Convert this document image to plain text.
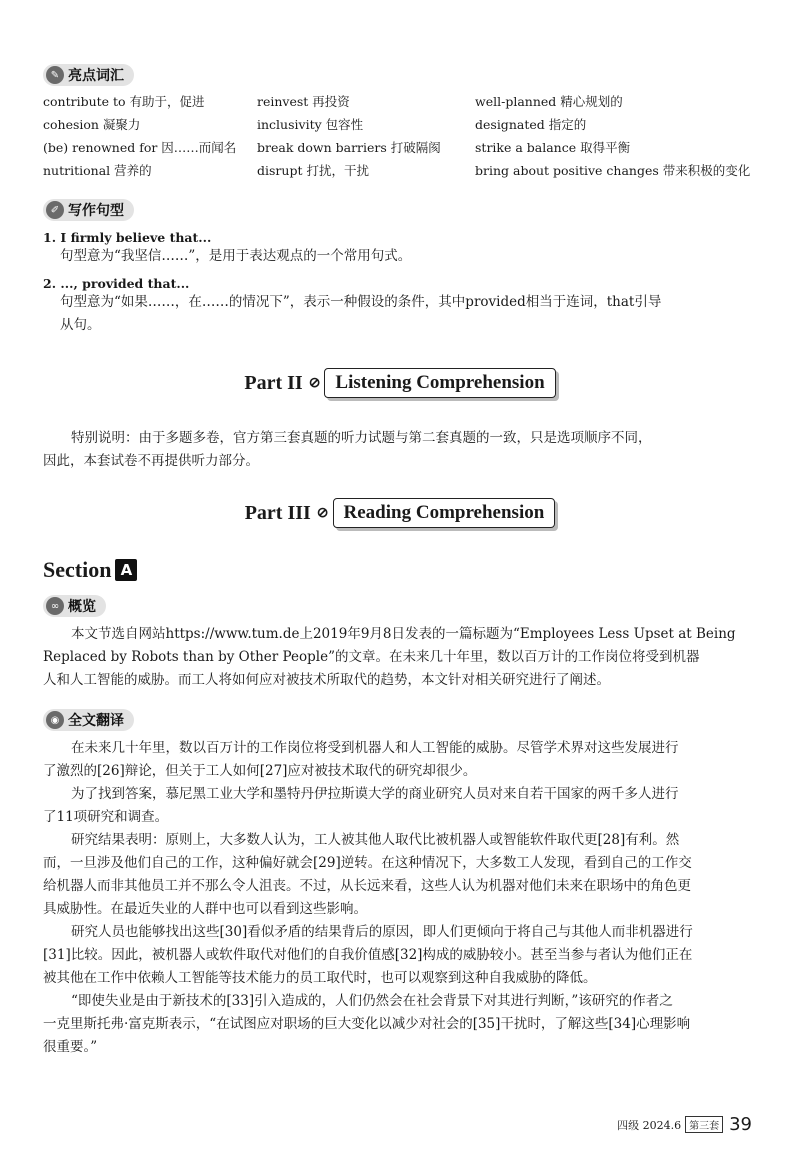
✎ 亮点词汇
contribute to 有助于，促进	reinvest 再投资	well-planned 精心规划的
cohesion 凝聚力	inclusivity 包容性	designated 指定的
(be) renowned for 因……而闻名 break down barriers 打破隔阂	strike a balance 取得平衡
nutritional 营养的	disrupt 打扰，干扰	bring about positive changes 带来积极的变化
✐ 写作句型
1. I firmly believe that...
句型意为“我坚信……”，是用于表达观点的一个常用句式。
2. ..., provided that...
句型意为“如果……，在……的情况下”，表示一种假设的条件，其中provided相当于连词，that引导
从句。
Part II ⊘ Listening Comprehension
特别说明：由于多题多卷，官方第三套真题的听力试题与第二套真题的一致，只是选项顺序不同，
因此，本套试卷不再提供听力部分。
Part III ⊘ Reading Comprehension
Section A
∞ 概览
本文节选自网站https://www.tum.de上2019年9月8日发表的一篇标题为“Employees Less Upset at Being
Replaced by Robots than by Other People”的文章。在未来几十年里，数以百万计的工作岗位将受到机器
人和人工智能的威胁。而工人将如何应对被技术所取代的趋势，本文针对相关研究进行了阐述。
◉ 全文翻译
在未来几十年里，数以百万计的工作岗位将受到机器人和人工智能的威胁。尽管学术界对这些发展进行
了激烈的[26]辩论，但关于工人如何[27]应对被技术取代的研究却很少。
为了找到答案，慕尼黑工业大学和墨特丹伊拉斯谟大学的商业研究人员对来自若干国家的两千多人进行
了11项研究和调查。
研究结果表明：原则上，大多数人认为，工人被其他人取代比被机器人或智能软件取代更[28]有利。然
而，一旦涉及他们自己的工作，这种偏好就会[29]逆转。在这种情况下，大多数工人发现，看到自己的工作交
给机器人而非其他员工并不那么令人沮丧。不过，从长远来看，这些人认为机器对他们未来在职场中的角色更
具威胁性。在最近失业的人群中也可以看到这些影响。
研究人员也能够找出这些[30]看似矛盾的结果背后的原因，即人们更倾向于将自己与其他人而非机器进行
[31]比较。因此，被机器人或软件取代对他们的自我价值感[32]构成的威胁较小。甚至当参与者认为他们正在
被其他在工作中依赖人工智能等技术能力的员工取代时，也可以观察到这种自我威胁的降低。
“即使失业是由于新技术的[33]引入造成的，人们仍然会在社会背景下对其进行判断，”该研究的作者之
一克里斯托弗·富克斯表示，“在试图应对职场的巨大变化以减少对社会的[35]干扰时，了解这些[34]心理影响
很重要。”
四级 2024.6 第三套 39
